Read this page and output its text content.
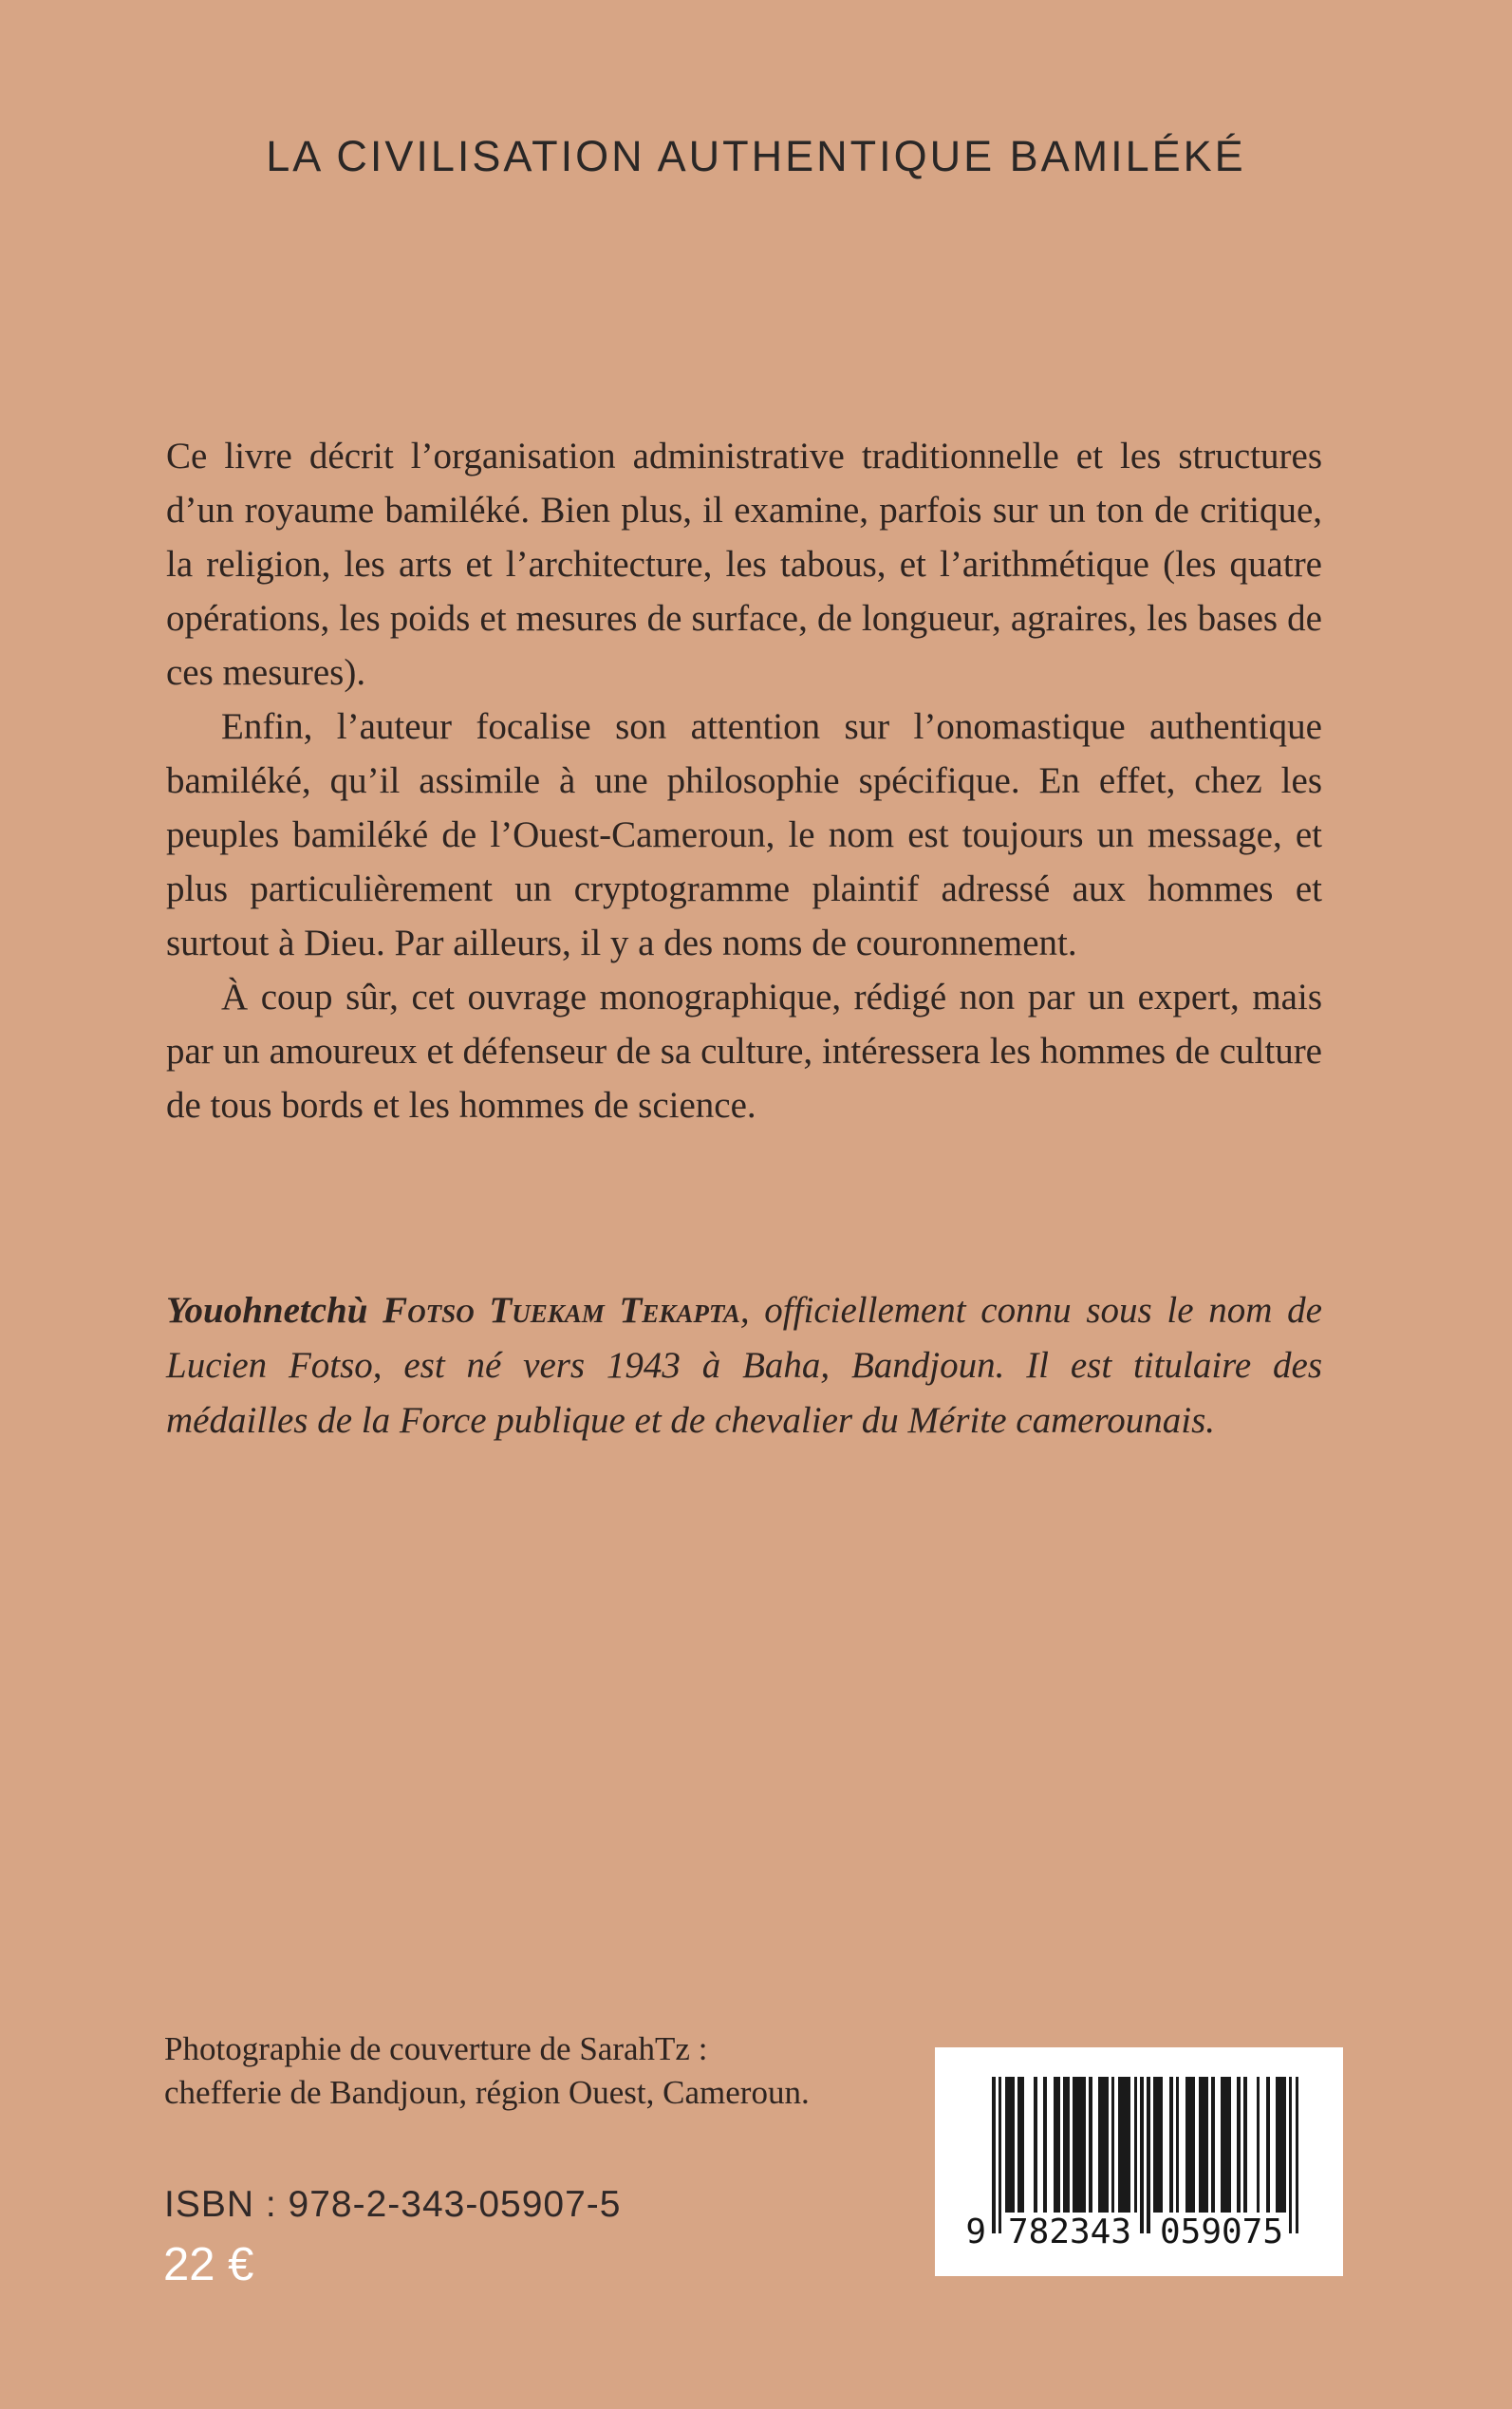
LA CIVILISATION AUTHENTIQUE BAMILÉKÉ

Ce livre décrit l’organisation administrative traditionnelle et les structures d’un royaume bamiléké. Bien plus, il examine, parfois sur un ton de critique, la religion, les arts et l’architecture, les tabous, et l’arithmétique (les quatre opérations, les poids et mesures de surface, de longueur, agraires, les bases de ces mesures).

Enfin, l’auteur focalise son attention sur l’onomastique authentique bamiléké, qu’il assimile à une philosophie spécifique. En effet, chez les peuples bamiléké de l’Ouest-Cameroun, le nom est toujours un message, et plus particulièrement un cryptogramme plaintif adressé aux hommes et surtout à Dieu. Par ailleurs, il y a des noms de couronnement.

À coup sûr, cet ouvrage monographique, rédigé non par un expert, mais par un amoureux et défenseur de sa culture, intéressera les hommes de culture de tous bords et les hommes de science.

Youohnetchù Fotso Tuekam Tekapta, officiellement connu sous le nom de Lucien Fotso, est né vers 1943 à Baha, Bandjoun. Il est titulaire des médailles de la Force publique et de chevalier du Mérite camerounais.

Photographie de couverture de SarahTz :
chefferie de Bandjoun, région Ouest, Cameroun.
ISBN : 978-2-343-05907-5
22 €
9 782343 059075
